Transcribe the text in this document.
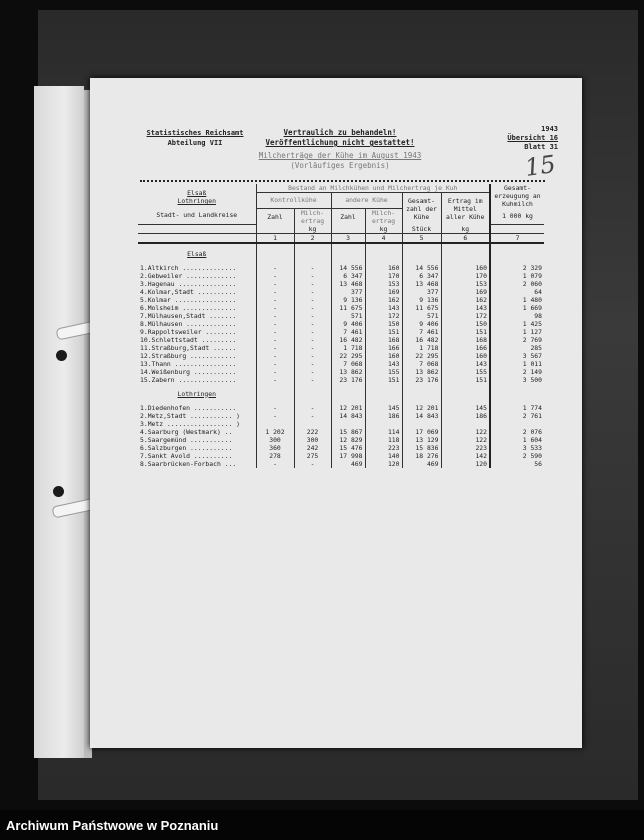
Statistisches Reichsamt
Abteilung VII
Vertraulich zu behandeln!
Veröffentlichung nicht gestattet!
Milcherträge der Kühe im August 1943
(Vorläufiges Ergebnis)
1943
Übersicht 16
Blatt 31
15
Elsaß
Lothringen
Stadt- und Landkreise	Bestand an Milchkühen und Milchertrag je Kuh						Gesamt-erzeugung an Kuhmilch
	Kontrollkühe		andere Kühe		Gesamt-zahl der Kühe	Ertrag im Mittel aller Kühe	
	Zahl	Milch-ertrag	Zahl	Milch-ertrag			1 000 kg
		kg		kg	Stück	kg	
	1	2	3	4	5	6	7
Elsaß							
1.Altkirch ..............	-	-	14 556	160	14 556	160	2 329
2.Gebweiler .............	-	-	6 347	170	6 347	170	1 079
3.Hagenau ...............	-	-	13 468	153	13 468	153	2 060
4.Kolmar,Stadt ..........	-	-	377	169	377	169	64
5.Kolmar ................	-	-	9 136	162	9 136	162	1 480
6.Molsheim ..............	-	-	11 675	143	11 675	143	1 669
7.Mülhausen,Stadt .......	-	-	571	172	571	172	98
8.Mülhausen .............	-	-	9 406	150	9 406	150	1 425
9.Rappoltsweiler ........	-	-	7 461	151	7 461	151	1 127
10.Schlettstadt .........	-	-	16 482	168	16 482	168	2 769
11.Straßburg,Stadt ......	-	-	1 718	166	1 718	166	285
12.Straßburg ............	-	-	22 295	160	22 295	160	3 567
13.Thann ................	-	-	7 068	143	7 068	143	1 011
14.Weißenburg ...........	-	-	13 862	155	13 862	155	2 149
15.Zabern ...............	-	-	23 176	151	23 176	151	3 500
Lothringen							
1.Diedenhofen ...........	-	-	12 201	145	12 201	145	1 774
2.Metz,Stadt ........... )	-	-	14 843	186	14 843	186	2 761
3.Metz ................. )							
4.Saarburg (Westmark) ..	1 202	222	15 867	114	17 069	122	2 076
5.Saargemünd ...........	300	300	12 829	118	13 129	122	1 604
6.Salzburgen ...........	360	242	15 476	223	15 836	223	3 533
7.Sankt Avold ..........	278	275	17 998	140	18 276	142	2 590
8.Saarbrücken-Forbach ...	-	-	469	120	469	120	56
Archiwum Państwowe w Poznaniu
